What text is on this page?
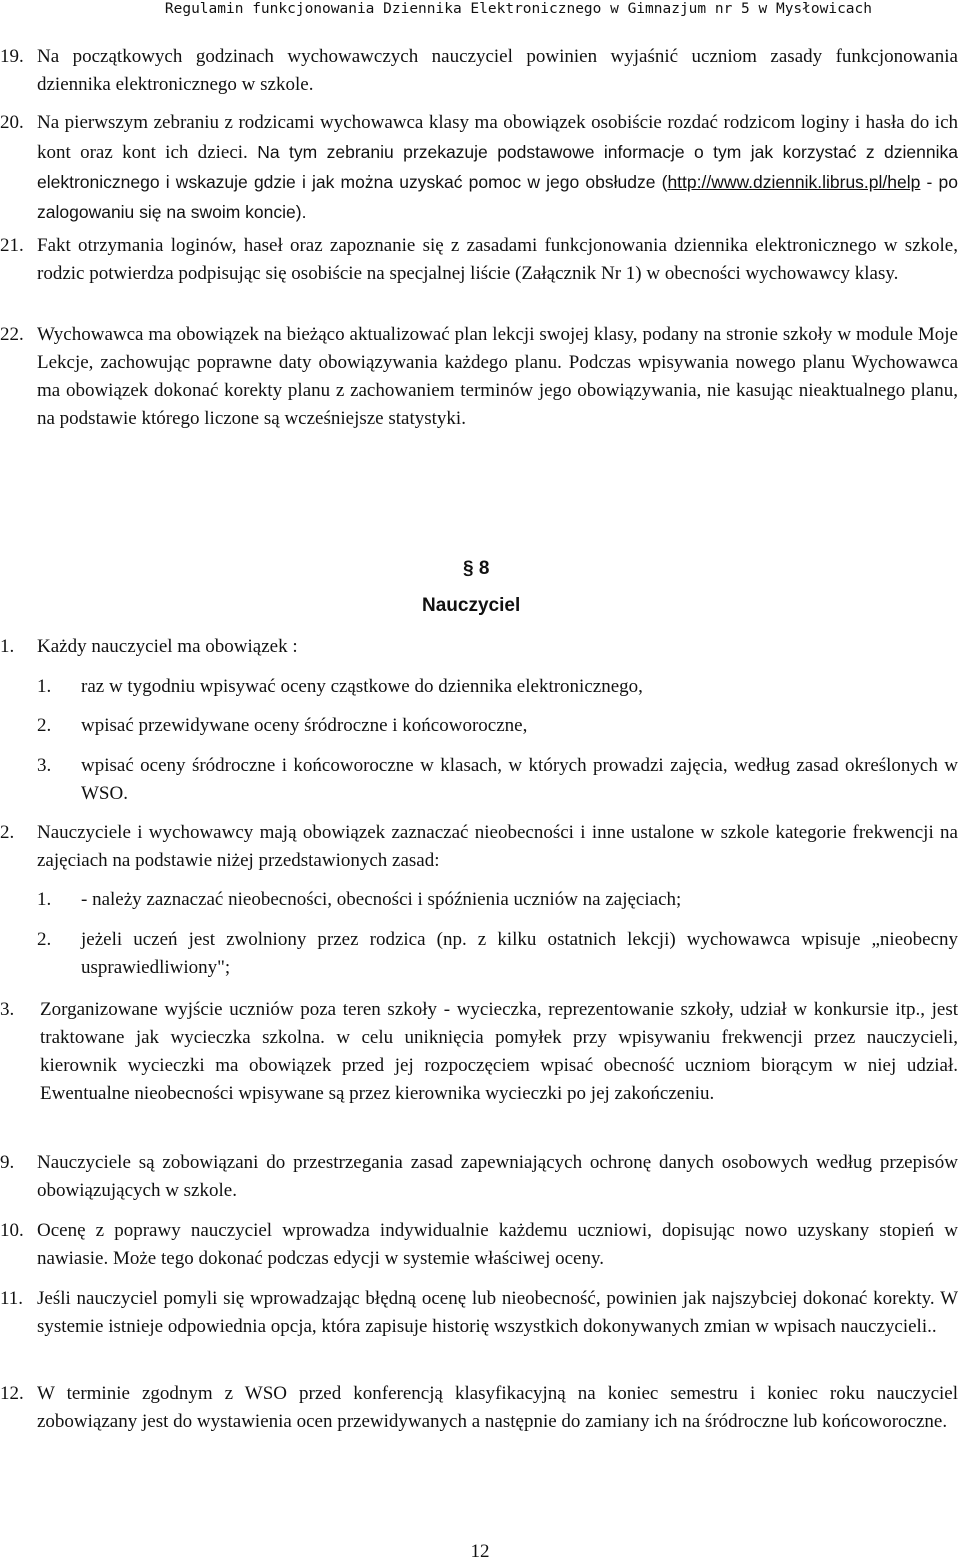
Regulamin funkcjonowania Dziennika Elektronicznego w Gimnazjum nr 5 w Mysłowicach
19. Na początkowych godzinach wychowawczych nauczyciel powinien wyjaśnić uczniom zasady funkcjonowania dziennika elektronicznego w szkole.
20. Na pierwszym zebraniu z rodzicami wychowawca klasy ma obowiązek osobiście rozdać rodzicom loginy i hasła do ich kont oraz kont ich dzieci. Na tym zebraniu przekazuje podstawowe informacje o tym jak korzystać z dziennika elektronicznego i wskazuje gdzie i jak można uzyskać pomoc w jego obsłudze (http://www.dziennik.librus.pl/help - po zalogowaniu się na swoim koncie).
21. Fakt otrzymania loginów, haseł oraz zapoznanie się z zasadami funkcjonowania dziennika elektronicznego w szkole, rodzic potwierdza podpisując się osobiście na specjalnej liście (Załącznik Nr 1) w obecności wychowawcy klasy.
22. Wychowawca ma obowiązek na bieżąco aktualizować plan lekcji swojej klasy, podany na stronie szkoły w module Moje Lekcje, zachowując poprawne daty obowiązywania każdego planu. Podczas wpisywania nowego planu Wychowawca ma obowiązek dokonać korekty planu z zachowaniem terminów jego obowiązywania, nie kasując nieaktualnego planu, na podstawie którego liczone są wcześniejsze statystyki.
§ 8
Nauczyciel
1.	Każdy nauczyciel ma obowiązek :
1.	raz w tygodniu wpisywać oceny cząstkowe do dziennika elektronicznego,
2.	wpisać przewidywane oceny śródroczne i końcoworoczne,
3.	wpisać oceny śródroczne i końcoworoczne w klasach, w których prowadzi zajęcia, według zasad określonych w WSO.
2.	Nauczyciele i wychowawcy mają obowiązek zaznaczać nieobecności i inne ustalone w szkole kategorie frekwencji na zajęciach na podstawie niżej przedstawionych zasad:
1.	- należy zaznaczać nieobecności, obecności i spóźnienia uczniów na zajęciach;
2.	jeżeli uczeń jest zwolniony przez rodzica (np. z kilku ostatnich lekcji) wychowawca wpisuje „nieobecny usprawiedliwiony";
3.	Zorganizowane wyjście uczniów poza teren szkoły - wycieczka, reprezentowanie szkoły, udział w konkursie itp., jest traktowane jak wycieczka szkolna. w celu uniknięcia pomyłek przy wpisywaniu frekwencji przez nauczycieli, kierownik wycieczki ma obowiązek przed jej rozpoczęciem wpisać obecność uczniom biorącym w niej udział. Ewentualne nieobecności wpisywane są przez kierownika wycieczki po jej zakończeniu.
9.	Nauczyciele są zobowiązani do przestrzegania zasad zapewniających ochronę danych osobowych według przepisów obowiązujących w szkole.
10. Ocenę z poprawy nauczyciel wprowadza indywidualnie każdemu uczniowi, dopisując nowo uzyskany stopień w nawiasie. Może tego dokonać podczas edycji w systemie właściwej oceny.
11. Jeśli nauczyciel pomyli się wprowadzając błędną ocenę lub nieobecność, powinien jak najszybciej dokonać korekty. W systemie istnieje odpowiednia opcja, która zapisuje historię wszystkich dokonywanych zmian w wpisach nauczycieli..
12. W terminie zgodnym z WSO przed konferencją klasyfikacyjną na koniec semestru i koniec roku nauczyciel zobowiązany jest do wystawienia ocen przewidywanych a następnie do zamiany ich na śródroczne lub końcoworoczne.
12
